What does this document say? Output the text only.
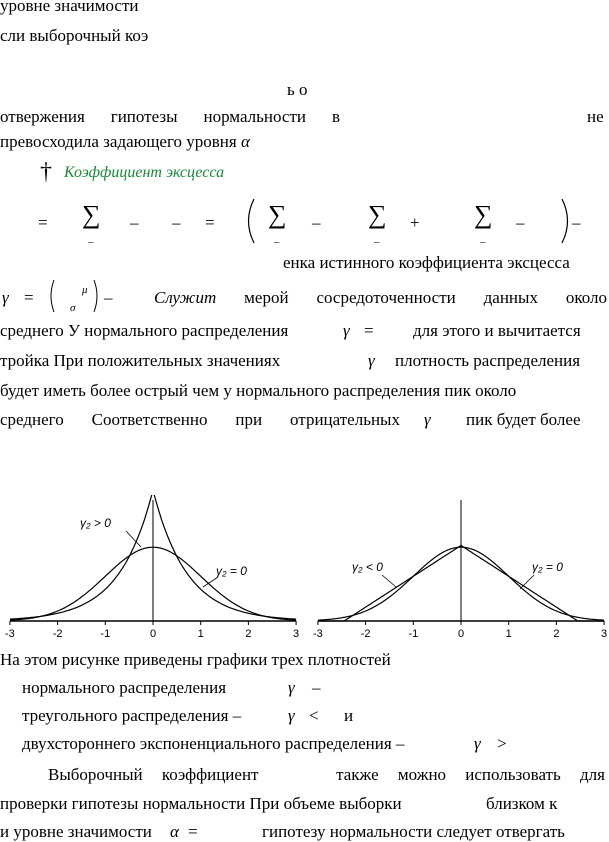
уровне значимости
сли выборочный коэ
ь о
отвержения гипотезы нормальности в	не
превосходила задающего уровня α
† Коэффициент эксцесса
= ∑
–
– – = ∑
–
– ∑
–
+ ∑
–
–	–
енка истинного коэффициента эксцесса
γ =	μ
σ
– Служит мерой сосредоточенности данных около
среднего У нормального распределения	γ = для этого и вычитается
тройка При положительных значениях	γ плотность распределения
будет иметь более острый чем у нормального распределения пик около
среднего Соответственно при отрицательных γ пик будет более
γ₂ > 0
γ₂ = 0
-3	-2	-1	0	1	2	3
γ₂ < 0	γ₂ = 0
-3	-2	-1	0	1	2	3
На этом рисунке приведены графики трех плотностей
нормального распределения	γ –
треугольного распределения –	γ < и
двухстороннего экспоненциального распределения –	γ >
Выборочный коэффициент	также можно использовать для
проверки гипотезы нормальности При объеме выборки	близком к
и уровне значимости α =	гипотезу нормальности следует отвергать
